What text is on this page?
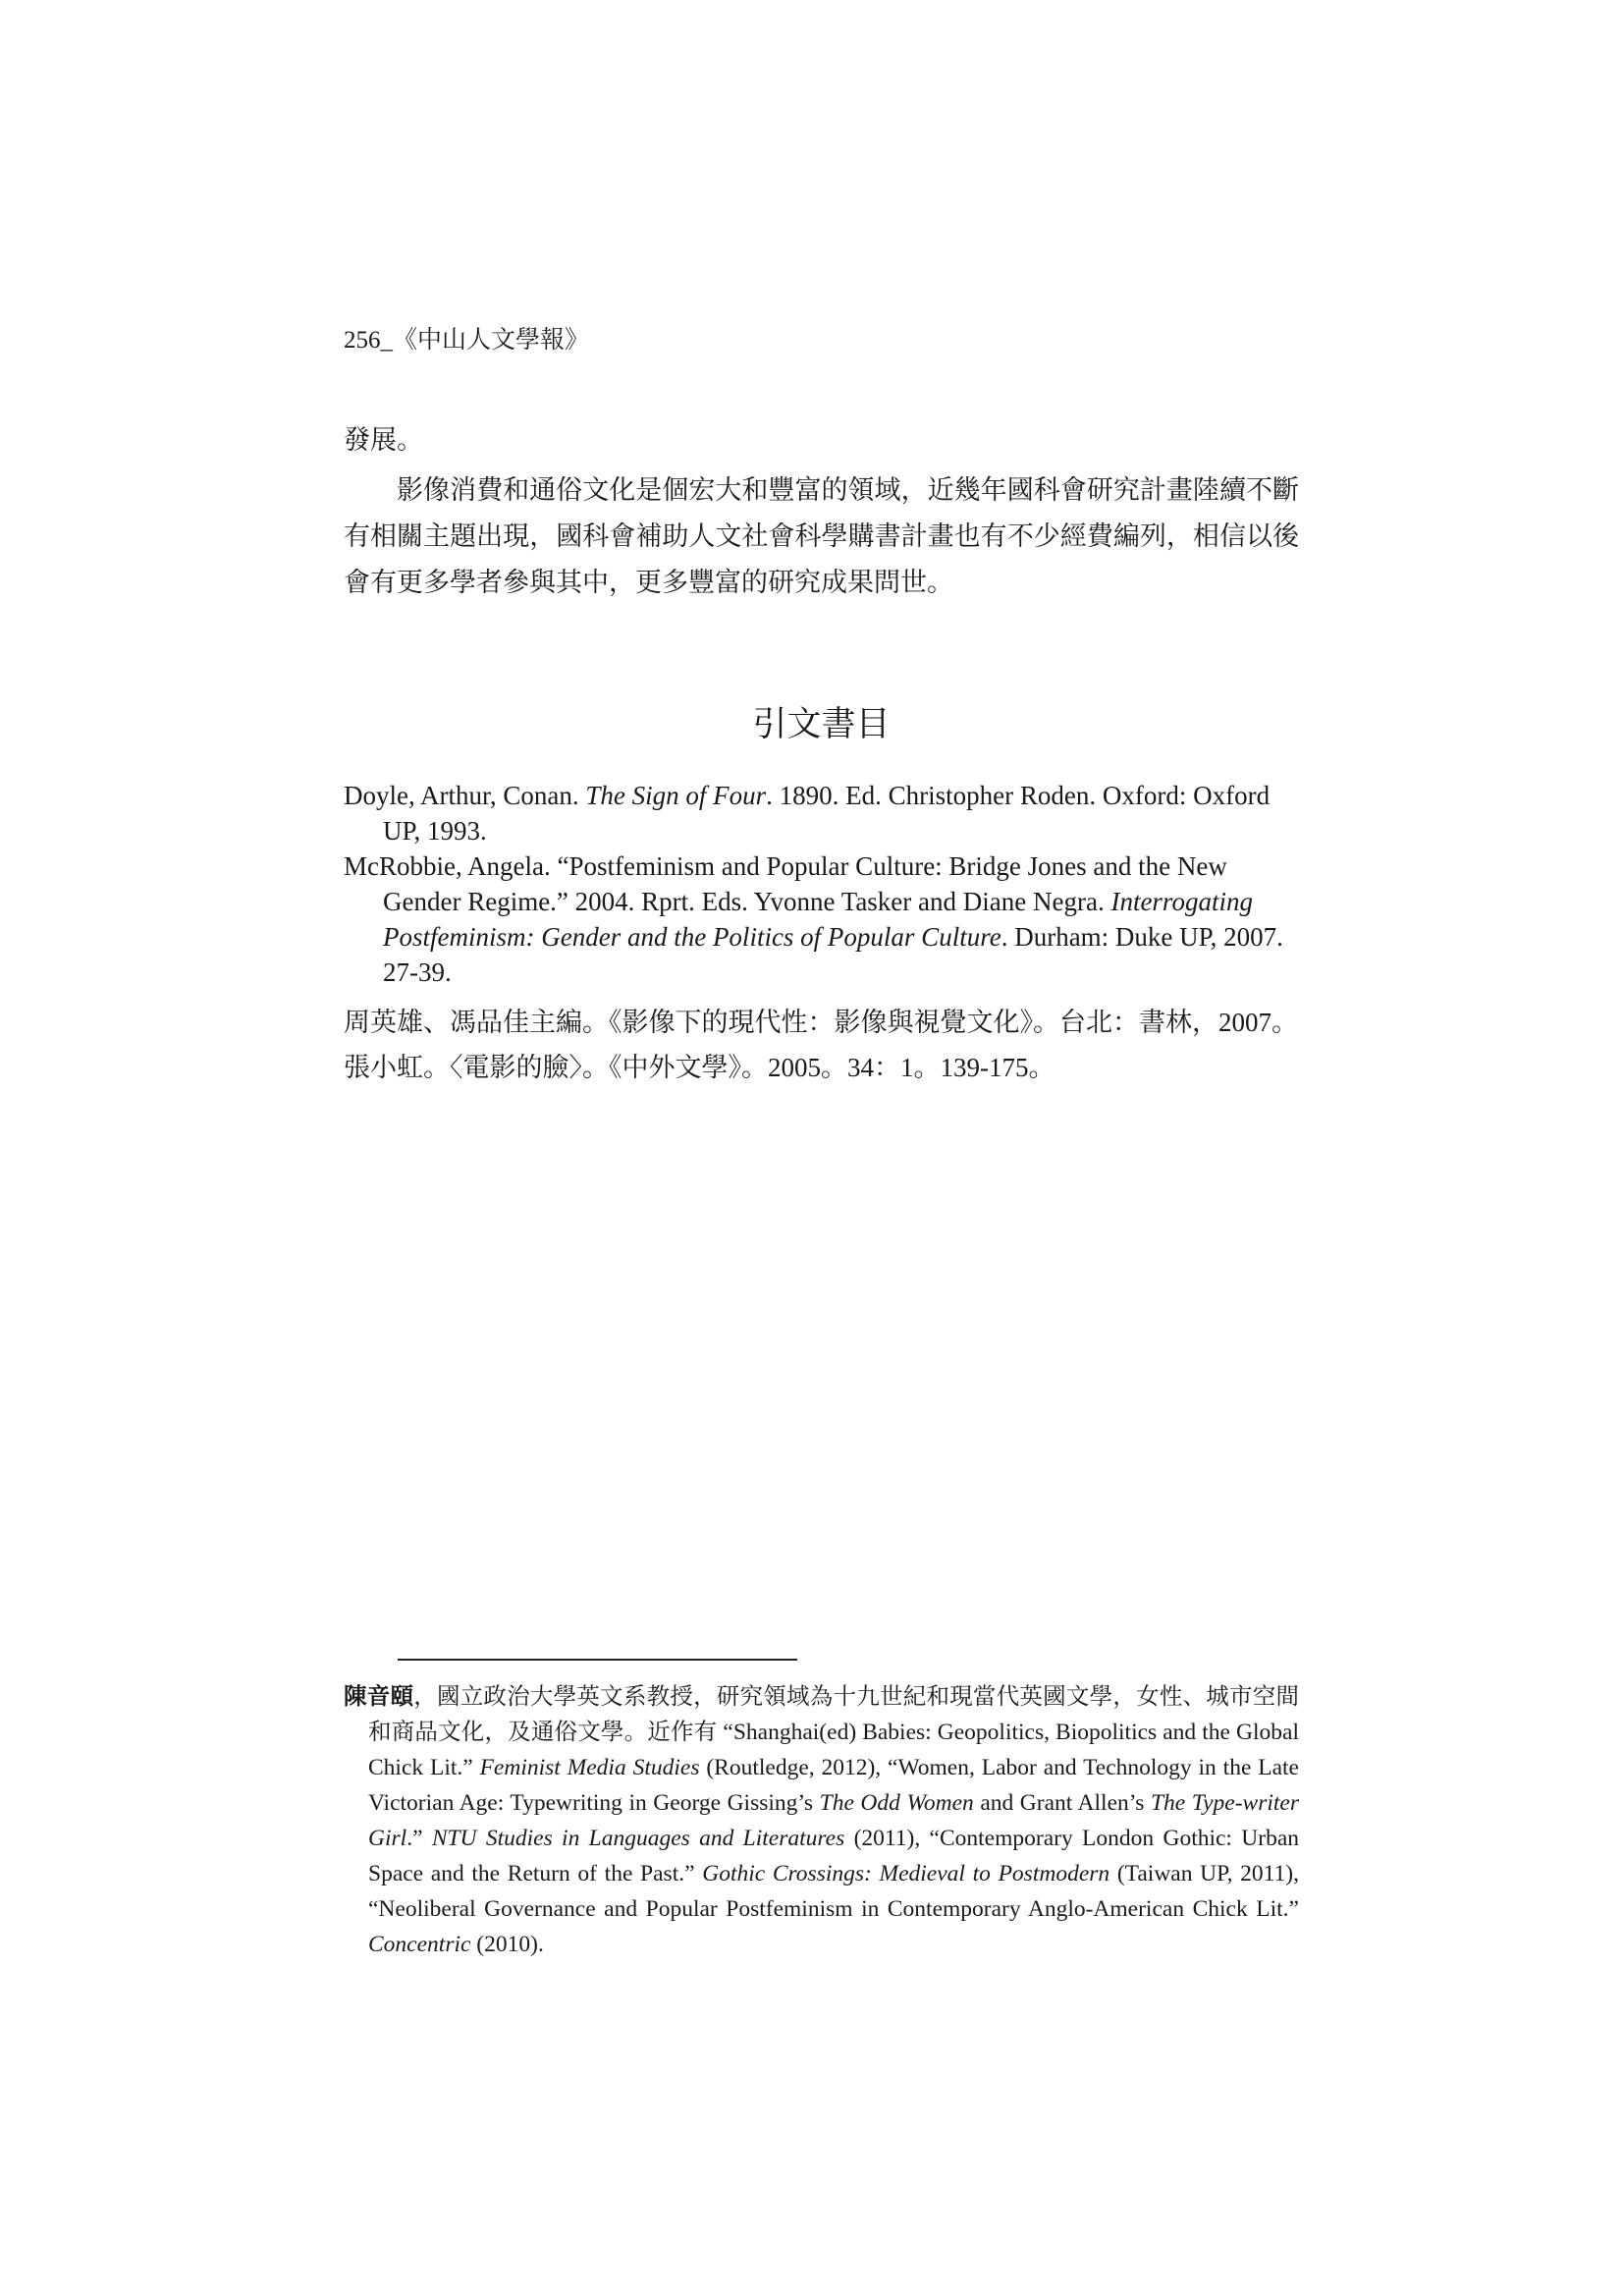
256_《中山人文學報》
發展。
影像消費和通俗文化是個宏大和豐富的領域，近幾年國科會研究計畫陸續不斷有相關主題出現，國科會補助人文社會科學購書計畫也有不少經費編列，相信以後會有更多學者參與其中，更多豐富的研究成果問世。
引文書目
Doyle, Arthur, Conan. The Sign of Four. 1890. Ed. Christopher Roden. Oxford: Oxford UP, 1993.
McRobbie, Angela. “Postfeminism and Popular Culture: Bridge Jones and the New Gender Regime.” 2004. Rprt. Eds. Yvonne Tasker and Diane Negra. Interrogating Postfeminism: Gender and the Politics of Popular Culture. Durham: Duke UP, 2007. 27-39.
周英雄、馮品佳主編。《影像下的現代性：影像與視覺文化》。台北：書林，2007。
張小虹。〈電影的臉〉。《中外文學》。2005。34：1。139-175。
陳音頤，國立政治大學英文系教授，研究領域為十九世紀和現當代英國文學，女性、城市空間和商品文化，及通俗文學。近作有 “Shanghai(ed) Babies: Geopolitics, Biopolitics and the Global Chick Lit.” Feminist Media Studies (Routledge, 2012), “Women, Labor and Technology in the Late Victorian Age: Typewriting in George Gissing’s The Odd Women and Grant Allen’s The Type-writer Girl.” NTU Studies in Languages and Literatures (2011), “Contemporary London Gothic: Urban Space and the Return of the Past.” Gothic Crossings: Medieval to Postmodern (Taiwan UP, 2011), “Neoliberal Governance and Popular Postfeminism in Contemporary Anglo-American Chick Lit.” Concentric (2010).
